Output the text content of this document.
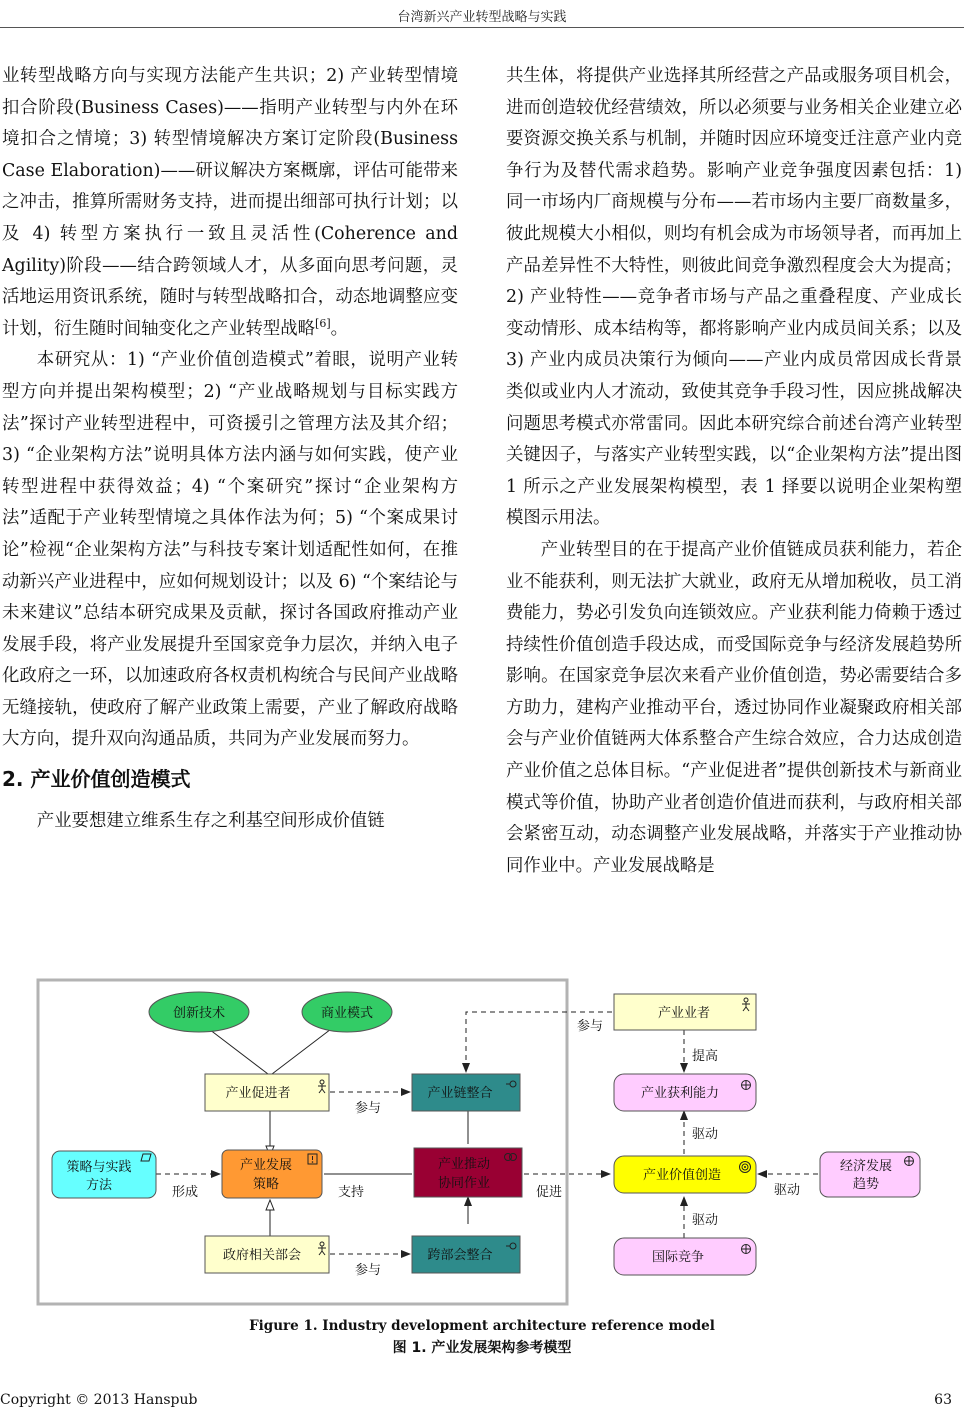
台湾新兴产业转型战略与实践

业转型战略方向与实现方法能产生共识；2) 产业转型情境扣合阶段(Business Cases)——指明产业转型与内外在环境扣合之情境；3) 转型情境解决方案订定阶段(Business Case Elaboration)——研议解决方案概廓，评估可能带来之冲击，推算所需财务支持，进而提出细部可执行计划；以及 4) 转型方案执行一致且灵活性(Coherence and Agility)阶段——结合跨领域人才，从多面向思考问题，灵活地运用资讯系统，随时与转型战略扣合，动态地调整应变计划，衍生随时间轴变化之产业转型战略[6]。

本研究从：1) “产业价值创造模式”着眼，说明产业转型方向并提出架构模型；2) “产业战略规划与目标实践方法”探讨产业转型进程中，可资援引之管理方法及其介绍；3) “企业架构方法”说明具体方法内涵与如何实践，使产业转型进程中获得效益；4) “个案研究”探讨“企业架构方法”适配于产业转型情境之具体作法为何；5) “个案成果讨论”检视“企业架构方法”与科技专案计划适配性如何，在推动新兴产业进程中，应如何规划设计；以及 6) “个案结论与未来建议”总结本研究成果及贡献，探讨各国政府推动产业发展手段，将产业发展提升至国家竞争力层次，并纳入电子化政府之一环，以加速政府各权责机构统合与民间产业战略无缝接轨，使政府了解产业政策上需要，产业了解政府战略大方向，提升双向沟通品质，共同为产业发展而努力。

2. 产业价值创造模式

产业要想建立维系生存之利基空间形成价值链

共生体，将提供产业选择其所经营之产品或服务项目机会，进而创造较优经营绩效，所以必须要与业务相关企业建立必要资源交换关系与机制，并随时因应环境变迁注意产业内竞争行为及替代需求趋势。影响产业竞争强度因素包括：1) 同一市场内厂商规模与分布——若市场内主要厂商数量多，彼此规模大小相似，则均有机会成为市场领导者，而再加上产品差异性不大特性，则彼此间竞争激烈程度会大为提高；2) 产业特性——竞争者市场与产品之重叠程度、产业成长变动情形、成本结构等，都将影响产业内成员间关系；以及 3) 产业内成员决策行为倾向——产业内成员常因成长背景类似或业内人才流动，致使其竞争手段习性，因应挑战解决问题思考模式亦常雷同。因此本研究综合前述台湾产业转型关键因子，与落实产业转型实践，以“企业架构方法”提出图 1 所示之产业发展架构模型，表 1 择要以说明企业架构塑模图示用法。

产业转型目的在于提高产业价值链成员获利能力，若企业不能获利，则无法扩大就业，政府无从增加税收，员工消费能力，势必引发负向连锁效应。产业获利能力倚赖于透过持续性价值创造手段达成，而受国际竞争与经济发展趋势所影响。在国家竞争层次来看产业价值创造，势必需要结合多方助力，建构产业推动平台，透过协同作业凝聚政府相关部会与产业价值链两大体系整合产生综合效应，合力达成创造产业价值之总体目标。“产业促进者”提供创新技术与新商业模式等价值，协助产业者创造价值进而获利，与政府相关部会紧密互动，动态调整产业发展战略，并落实于产业推动协同作业中。产业发展战略是

创新技术	商业模式
产业促进者	产业链整合
策略与实践
方法
产业发展
策略
产业推动
协同作业
政府相关部会	跨部会整合
产业业者
产业获利能力
产业价值创造
经济发展
趋势
国际竞争
参与
参与
参与
提高
驱动
驱动
驱动
形成	支持	促进
Figure 1. Industry development architecture reference model
图 1. 产业发展架构参考模型
Copyright © 2013 Hanspub	63
